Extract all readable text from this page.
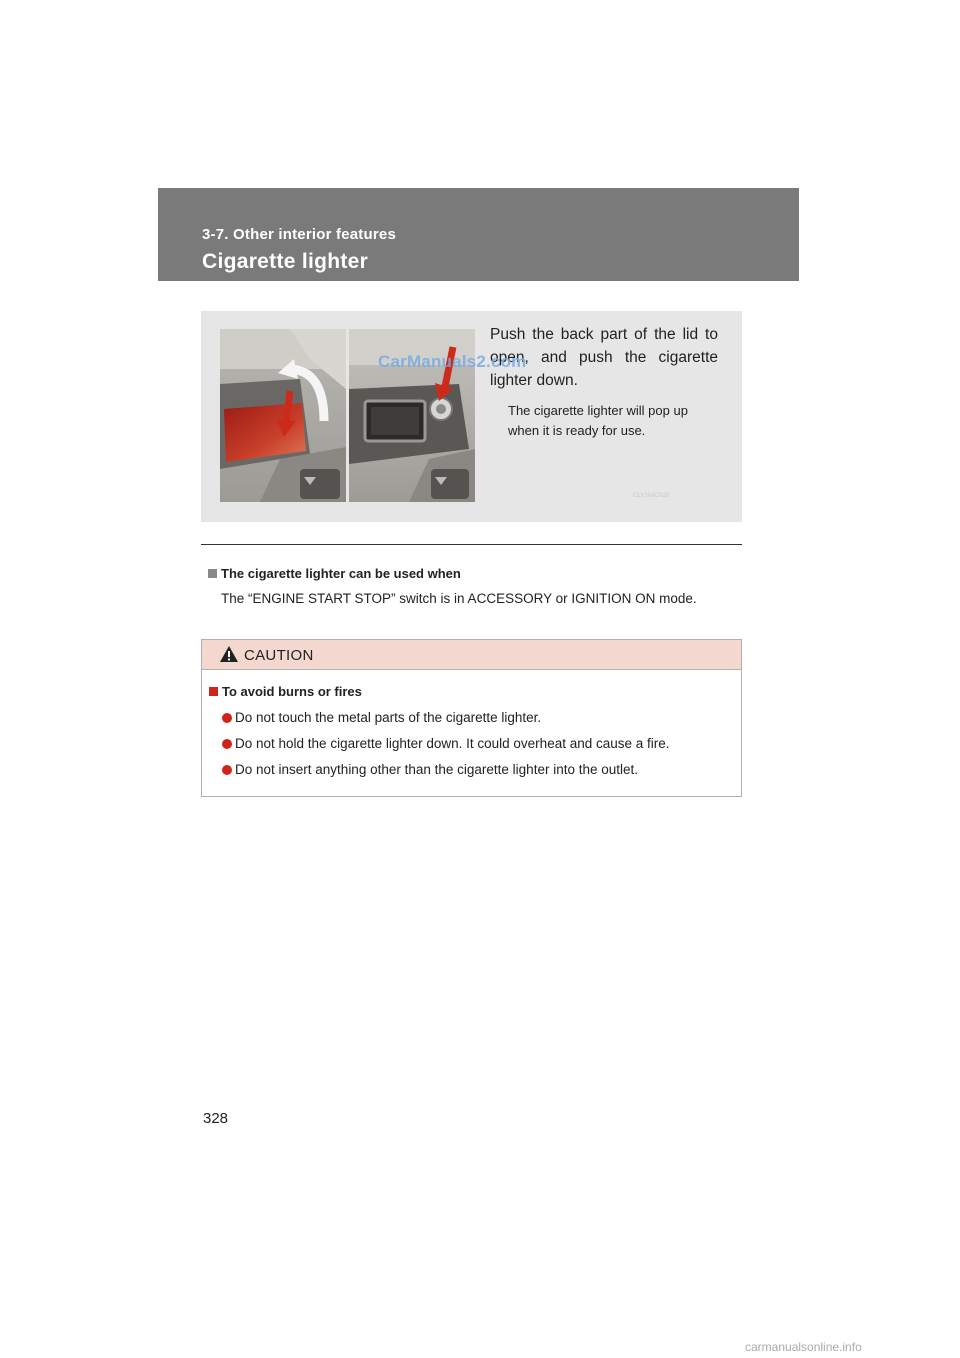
3-7. Other interior features
Cigarette lighter
CLY36AC028
Push the back part of the lid to open, and push the cigarette lighter down.
The cigarette lighter will pop up when it is ready for use.
CarManuals2.com
The cigarette lighter can be used when
The “ENGINE START STOP” switch is in ACCESSORY or IGNITION ON mode.
CAUTION
To avoid burns or fires
Do not touch the metal parts of the cigarette lighter.
Do not hold the cigarette lighter down. It could overheat and cause a fire.
Do not insert anything other than the cigarette lighter into the outlet.
328
carmanualsonline.info
